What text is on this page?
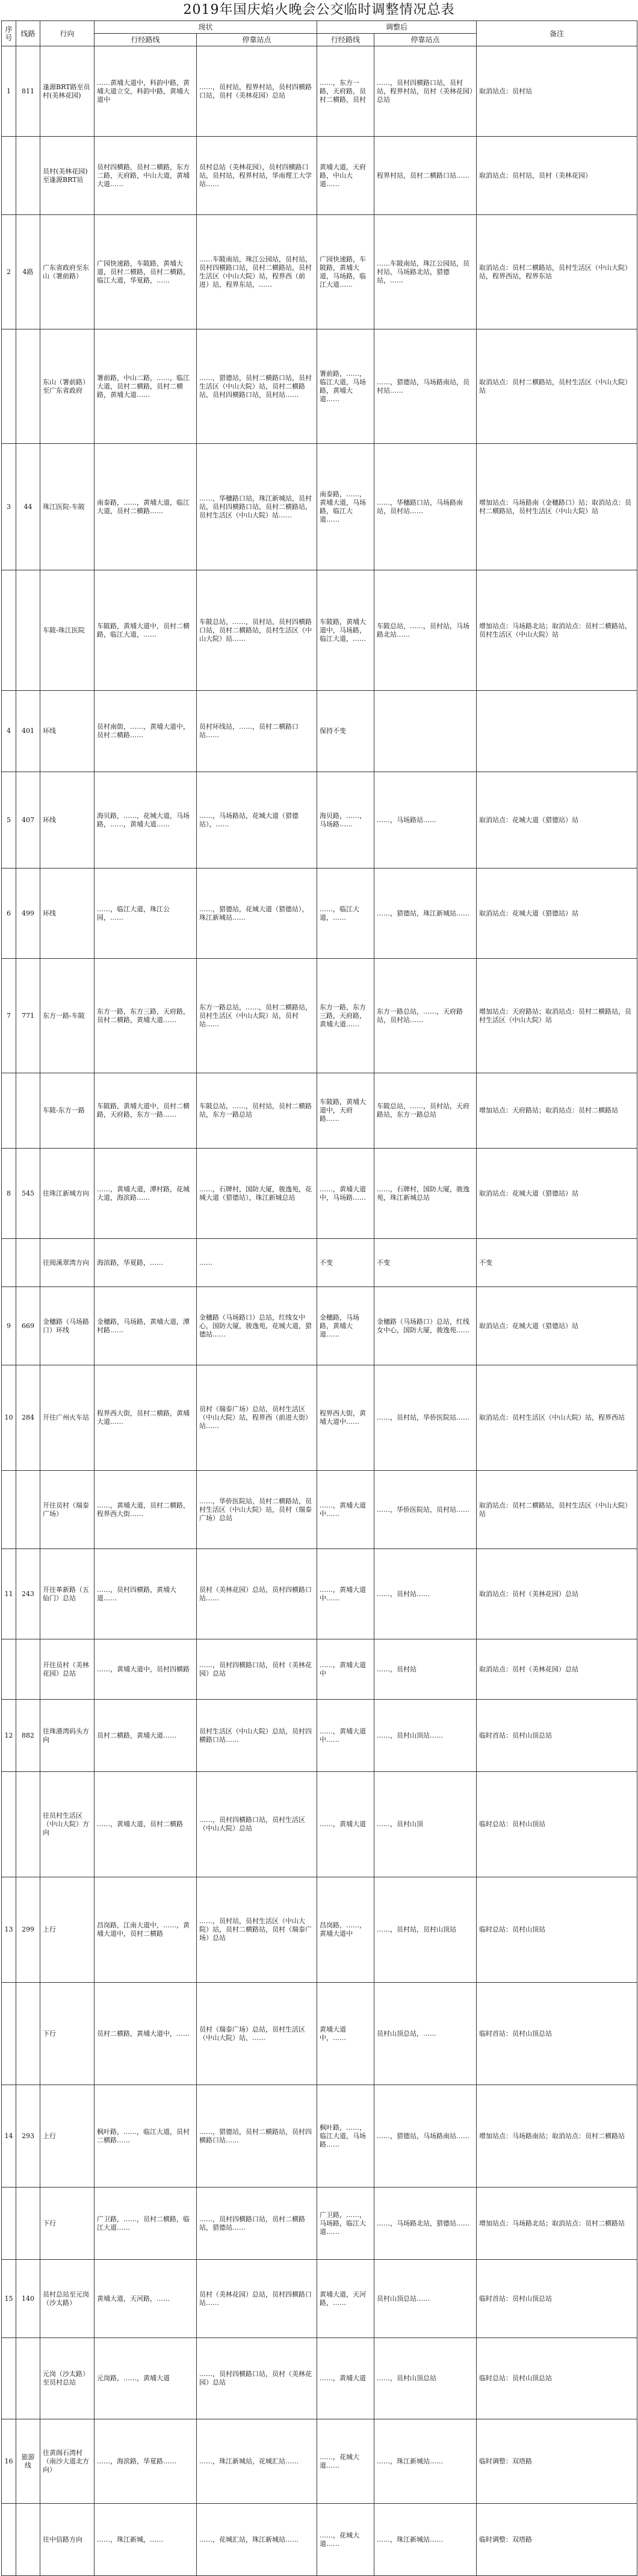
2019年国庆焰火晚会公交临时调整情况总表
序号	线路	行向	现状		调整后		备注
			行经路线	停靠站点	行经路线	停靠站点	
1	811	逢源BRT路至员村(美林花园)	……黄埔大道中，科韵中路，黄埔大道立交，科韵中路，黄埔大道中	……，员村站，程界村站，员村四横路口站，员村（美林花园）总站	……，东方一路，天府路，员村二横路，员村	……，员村四横路口站，员村站，程界村站，员村（美林花园）总站	取消站点：员村站
		员村(美林花园)至逢源BRT站	员村四横路，员村二横路，东方二路，天府路，中山大道，黄埔大道……	员村总站（美林花园），员村四横路口站，员村站，程界村站，华南理工大学站……	黄埔大道，天府路，中山大道……	程界村站，员村二横路口站……	取消站点：员村站，员村（美林花园）
2	4路	广东省政府至东山（署前路）	广园快速路，车陂路，黄埔大道，员村二横路，员村二横路，临江大道，华夏路，……	……车陂南站，珠江公园站，员村站，员村四横路口站，员村二横路站，员村生活区（中山大院）站，程界西（前进）站，程界东站，……	广园快速路，车陂路，黄埔大道，马场路，临江大道……	……车陂南站，珠江公园站，员村站，马场路北站，猎德站，……	取消站点：员村二横路站，员村生活区（中山大院）站，程界西站，程界东站
		东山（署前路）至广东省政府	署前路，中山二路，……，临江大道，员村二横路，员村二横路，黄埔大道……	……，猎德站，员村二横路口站，员村生活区（中山大院）站，员村二横路站，员村四横路口站，员村站……	署前路，……，临江大道，马场路，黄埔大道……	……，猎德站，马场路南站，员村站……	取消站点：员村二横路站，员村生活区（中山大院）站
3	44	珠江医院-车陂	南泰路，……，黄埔大道，临江大道，员村二横路……	……，华穗路口站，珠江新城站，员村站，员村四横路口站，员村二横路站，员村生活区（中山大院）站……	南泰路，……，黄埔大道，马场路，临江大道……	……，华穗路口站，马场路南站，员村站……	增加站点：马场路南（金穗路口）站；取消站点：员村二横路站，员村生活区（中山大院）站
		车陂-珠江医院	车陂路，黄埔大道中，员村二横路，临江大道，……	车陂总站，……，员村站，员村四横路口站，员村二横路站，员村生活区（中山大院）站……	车陂路，黄埔大道中，马场路，临江大道，……	车陂总站，……，员村站，马场路北站……	增加站点：马场路北站；取消站点：员村二横路站，员村生活区（中山大院）站
4	401	环线	员村南街，……，黄埔大道中，员村二横路……	员村环线站，……，员村二横路口站……	保持不变		
5	407	环线	海贝路，……，花城大道，马场路，……，黄埔大道……	……，马场路站，花城大道（猎德站），……	海贝路，……，马场路……	……，马场路站……	取消站点：花城大道（猎德站）站
6	499	环线	……，临江大道，珠江公园，……	……，猎德站，花城大道（猎德站），珠江新城站……	……，临江大道，……	……，猎德站，珠江新城站……	取消站点：花城大道（猎德站）站
7	771	东方一路-车陂	东方一路，东方三路，天府路，员村二横路，黄埔大道……	东方一路总站，……，员村二横路站，员村生活区（中山大院）站，员村站……	东方一路，东方三路，天府路，黄埔大道……	东方一路总站，……，天府路站，员村站……	增加站点：天府路站；取消站点：员村二横路站，员村生活区（中山大院）站
		车陂-东方一路	车陂路，黄埔大道中，员村二横路，天府路，东方一路……	车陂总站，……，员村站，员村二横路站，东方一路总站	车陂路，黄埔大道中，天府路……	车陂总站，……，员村站，天府路站，东方一路总站	增加站点：天府路站；取消站点：员村二横路站
8	545	往珠江新城方向	……，黄埔大道，潭村路，花城大道，海滨路……	……，石牌村，国防大厦，骏逸苑，花城大道（猎德站），珠江新城总站	……，黄埔大道中，马场路……	……，石牌村，国防大厦，骏逸苑，珠江新城总站	取消站点：花城大道（猎德站）站
		往阅溪翠湾方向	海滨路，华夏路，……	……	不变	不变	不变
9	669	金穗路（马场路口）环线	金穗路，马场路，黄埔大道，潭村路……	金穗路（马场路口）总站，红线女中心，国防大厦，骏逸苑，花城大道，猎德站……	金穗路，马场路，黄埔大道……	金穗路（马场路口）总站，红线女中心，国防大厦，骏逸苑……	取消站点：花城大道（猎德站）站
10	284	开往广州火车站	程界西大街，员村二横路，黄埔大道……	员村（瑞泰广场）总站，员村生活区（中山大院）站，程界西（前进大街）站……	程界西大街，黄埔大道中……	……，员村站，华侨医院站……	取消站点：员村生活区（中山大院）站，程界西站
		开往员村（瑞泰广场）	……，黄埔大道，员村二横路，程界西大街……	……，华侨医院站，员村二横路站，员村生活区（中山大院）站，员村（瑞泰广场）总站	……，黄埔大道中……	……，华侨医院站，员村站……	取消站点：员村二横路站，员村生活区（中山大院）站
11	243	开往革新路（五仙门）总站	……，员村四横路，黄埔大道……	员村（美林花园）总站，员村四横路口站……	……，黄埔大道中……	……，员村站……	取消站点：员村（美林花园）总站
		开往员村（美林花园）总站	……，黄埔大道中，员村四横路	……，员村四横路口站，员村（美林花园）总站	……，黄埔大道中	……，员村站	取消站点：员村（美林花园）总站
12	882	往珠港湾码头方向	员村二横路，黄埔大道……	员村生活区（中山大院）总站，员村四横路口站……	……，黄埔大道中……	……，员村山顶站……	临时首站：员村山顶总站
		往员村生活区（中山大院）方向	……，黄埔大道，员村二横路	……，员村四横路口站，员村生活区（中山大院）总站	……，黄埔大道	……，员村山顶	临时总站：员村山顶站
13	299	上行	昌岗路，江南大道中，……，黄埔大道中，员村二横路	……，员村站，员村生活区（中山大院）站，员村二横路站，员村（瑞泰广场）总站	昌岗路，……，黄埔大道中	……，员村站，员村山顶站	临时总站：员村山顶站
		下行	员村二横路，黄埔大道中，……	员村（瑞泰广场）总站，员村生活区（中山大院）站，……	黄埔大道中，……	员村山顶总站，……	临时首站：员村山顶总站
14	293	上行	枫叶路，……，临江大道，员村二横路……	……，猎德站，员村二横路站，员村四横路口站……	枫叶路，……，临江大道，马场路……	……，猎德站，马场路南站……	增加站点：马场路南站；取消站点：员村二横路站
		下行	广卫路，……，员村二横路，临江大道……	……，员村四横路口站，员村二横路站，猎德站……	广卫路，……，马场路，临江大道……	……，马场路北站，猎德站……	增加站点：马场路北站；取消站点：员村二横路站
15	140	员村总站至元岗（沙太路）	黄埔大道，天河路，……	员村（美林花园）总站，员村四横路口站……	黄埔大道，天河路，……	员村山顶总站……	临时首站：员村山顶总站
		元岗（沙太路）至员村总站	元岗路，……，黄埔大道	……，员村四横路口站，员村（美林花园）总站	……，黄埔大道	……，员村山顶总站	临时总站：员村山顶总站
16	旅游线	往黄阁石湾村（南沙大道北方向）	……，海滨路，华夏路……	……，珠江新城站，花城汇站……	……，花城大道……	……，珠江新城站……	临时调整：双塔路
		往中信路方向	……，珠江新城，……	……，花城汇站，珠江新城站……	……，花城大道……	……，珠江新城站……	临时调整：双塔路
